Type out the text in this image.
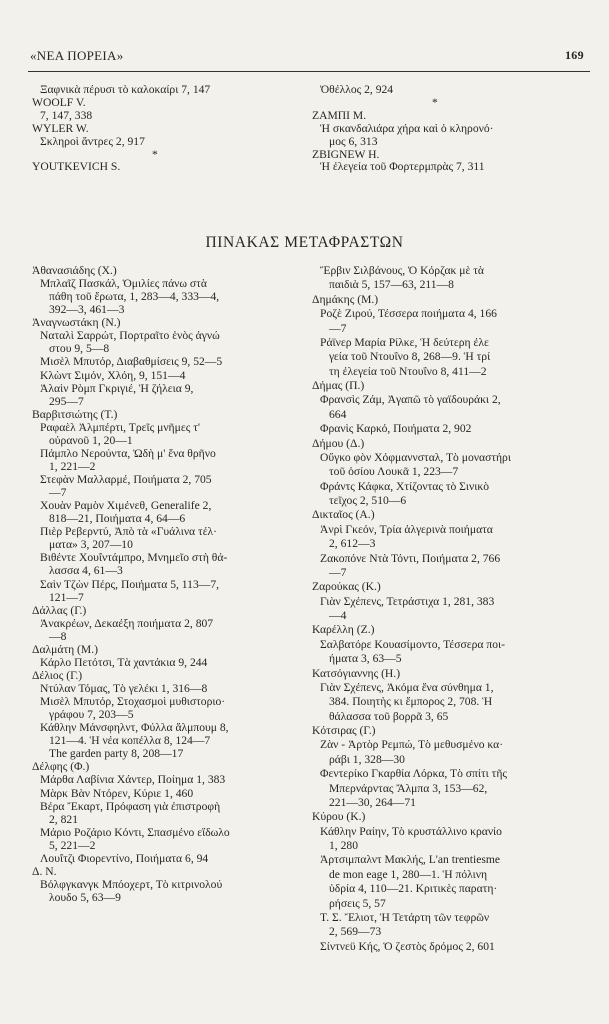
«ΝΕΑ ΠΟΡΕΙΑ»	169
Ξαφνικὰ πέρυσι τὸ καλοκαίρι 7, 147
WOOLF V.
7, 147, 338
WYLER W.
Σκληροὶ ἄντρες 2, 917
*
YOUTKEVICH S.
Ὀθέλλος 2, 924
*
ΖΑΜΠΙ Μ.
Ἡ σκανδαλιάρα χήρα καὶ ὁ κληρονό·
μος 6, 313
ZBIGNEW H.
Ἡ ἐλεγεία τοῦ Φορτερμπρὰς 7, 311
ΠΙΝΑΚΑΣ ΜΕΤΑΦΡΑΣΤΩΝ
Ἀθανασιάδης (Χ.)
Μπλαῖζ Πασκάλ, Ὁμιλίες πάνω στὰ
πάθη τοῦ ἔρωτα, 1, 283—4, 333—4,
392—3, 461—3
Ἀναγνωστάκη (Ν.)
Ναταλὶ Σαρρώτ, Πορτραῖτο ἑνὸς ἀγνώ
στου 9, 5—8
Μισὲλ Μπυτόρ, Διαβαθμίσεις 9, 52—5
Κλὼντ Σιμόν, Χλόη, 9, 151—4
Ἀλαὶν Ρὸμπ Γκριγιέ, Ἡ ζήλεια 9,
295—7
Βαρβιτσιώτης (Τ.)
Ραφαὲλ Ἀλμπέρτι, Τρεῖς μνῆμες τ'
οὐρανοῦ 1, 20—1
Πάμπλο Νερούντα, Ὠδὴ μ' ἕνα θρῆνο
1, 221—2
Στεφὰν Μαλλαρμέ, Ποιήματα 2, 705
—7
Χουὰν Ραμὸν Χιμένεθ, Generalife 2,
818—21, Ποιήματα 4, 64—6
Πιὲρ Ρεβερντύ, Ἀπὸ τὰ «Γυάλινα τέλ·
ματα» 3, 207—10
Βιθέντε Χουΐντάμπρο, Μνημεῖο στὴ θά-
λασσα 4, 61—3
Σαὶν Τζὼν Πέρς, Ποιήματα 5, 113—7,
121—7
Δάλλας (Γ.)
Ἀνακρέων, Δεκαέξη ποιήματα 2, 807
—8
Δαλμάτη (Μ.)
Κάρλο Πετότσι, Τὰ χαντάκια 9, 244
Δέλιος (Γ.)
Ντύλαν Τόμας, Τὸ γελέκι 1, 316—8
Μισὲλ Μπυτόρ, Στοχασμοὶ μυθιστοριο·
γράφου 7, 203—5
Κάθλην Μάνσφηλντ, Φύλλα ἄλμπουμ 8,
121—4. Ἡ νέα κοπέλλα 8, 124—7
The garden party 8, 208—17
Δέλφης (Φ.)
Μάρθα Λαβίνια Χάντερ, Ποίημα 1, 383
Μὰρκ Βὰν Ντόρεν, Κύριε 1, 460
Βέρα Ἔκαρτ, Πρόφαση γιὰ ἐπιστροφὴ
2, 821
Μάριο Ροζάριο Κόντι, Σπασμένο εἴδωλο
5, 221—2
Λουΐτζι Φιορεντίνο, Ποιήματα 6, 94
Δ. Ν.
Βόλφγκανγκ Μπόοχερτ, Τὸ κιτρινολού
λουδο 5, 63—9
Ἔρβιν Σιλβάνους, Ὁ Κόρζακ μὲ τὰ
παιδιὰ 5, 157—63, 211—8
Δημάκης (Μ.)
Ροζὲ Ζιρού, Τέσσερα ποιήματα 4, 166
—7
Ράϊνερ Μαρία Ρίλκε, Ἡ δεύτερη ἐλε
γεία τοῦ Ντουΐνο 8, 268—9. Ἡ τρί
τη ἐλεγεία τοῦ Ντουΐνο 8, 411—2
Δήμας (Π.)
Φρανσὶς Ζάμ, Ἀγαπῶ τὸ γαϊδουράκι 2,
664
Φρανὶς Καρκό, Ποιήματα 2, 902
Δήμου (Δ.)
Οὔγκο φὸν Χόφμαννσταλ, Τὸ μοναστήρι
τοῦ ὁσίου Λουκᾶ 1, 223—7
Φράντς Κάφκα, Χτίζοντας τὸ Σινικὸ
τεῖχος 2, 510—6
Δικταῖος (Α.)
Ἀνρὶ Γκεόν, Τρία ἀλγερινὰ ποιήματα
2, 612—3
Ζακοπόνε Ντὰ Τόντι, Ποιήματα 2, 766
—7
Ζαρούκας (Κ.)
Γιὰν Σχέπενς, Τετράστιχα 1, 281, 383
—4
Καρέλλη (Ζ.)
Σαλβατόρε Κουασίμοντο, Τέσσερα ποι-
ήματα 3, 63—5
Κατσόγιαννης (Η.)
Γιὰν Σχέπενς, Ἀκόμα ἕνα σύνθημα 1,
384. Ποιητὴς κι ἔμπορος 2, 708. Ἡ
θάλασσα τοῦ βορρᾶ 3, 65
Κότσιρας (Γ.)
Ζὰν - Ἀρτὸρ Ρεμπώ, Τὸ μεθυσμένο κα·
ράβι 1, 328—30
Φεντερίκο Γκαρθία Λόρκα, Τὸ σπίτι τῆς
Μπερνάρντας Ἄλμπα 3, 153—62,
221—30, 264—71
Κύρου (Κ.)
Κάθλην Ραίην, Τὸ κρυστάλλινο κρανίο
1, 280
Ἀρτσιμπαλντ Μακλής, L'an trentiesme
de mon eage 1, 280—1. Ἡ πόλινη
ὑδρία 4, 110—21. Κριτικὲς παρατη·
ρήσεις 5, 57
Τ. Σ. Ἔλιοτ, Ἡ Τετάρτη τῶν τεφρῶν
2, 569—73
Σίντνεϋ Κής, Ὁ ζεστὸς δρόμος 2, 601
